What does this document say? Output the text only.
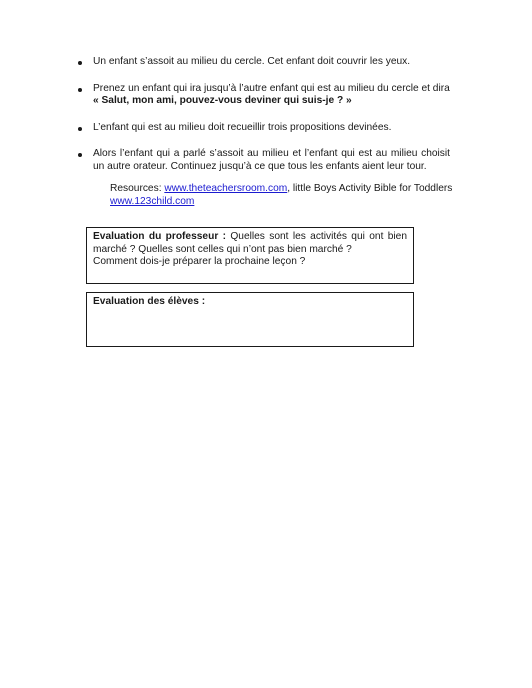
Un enfant s’assoit au milieu du cercle. Cet enfant doit couvrir les yeux.
Prenez un enfant qui ira jusqu’à l’autre enfant qui est au milieu du cercle et dira
« Salut, mon ami, pouvez-vous deviner qui suis-je ? »
L’enfant qui est au milieu doit recueillir trois propositions devinées.
Alors l’enfant qui a parlé s’assoit au milieu et l’enfant qui est au milieu choisit un autre orateur. Continuez jusqu’à ce que tous les enfants aient leur tour.
Resources: www.theteachersroom.com, little Boys Activity Bible for Toddlers
www.123child.com
Evaluation du professeur : Quelles sont les activités qui ont bien marché ? Quelles sont celles qui n’ont pas bien marché ?
Comment dois-je préparer la prochaine leçon ?
Evaluation des élèves :
